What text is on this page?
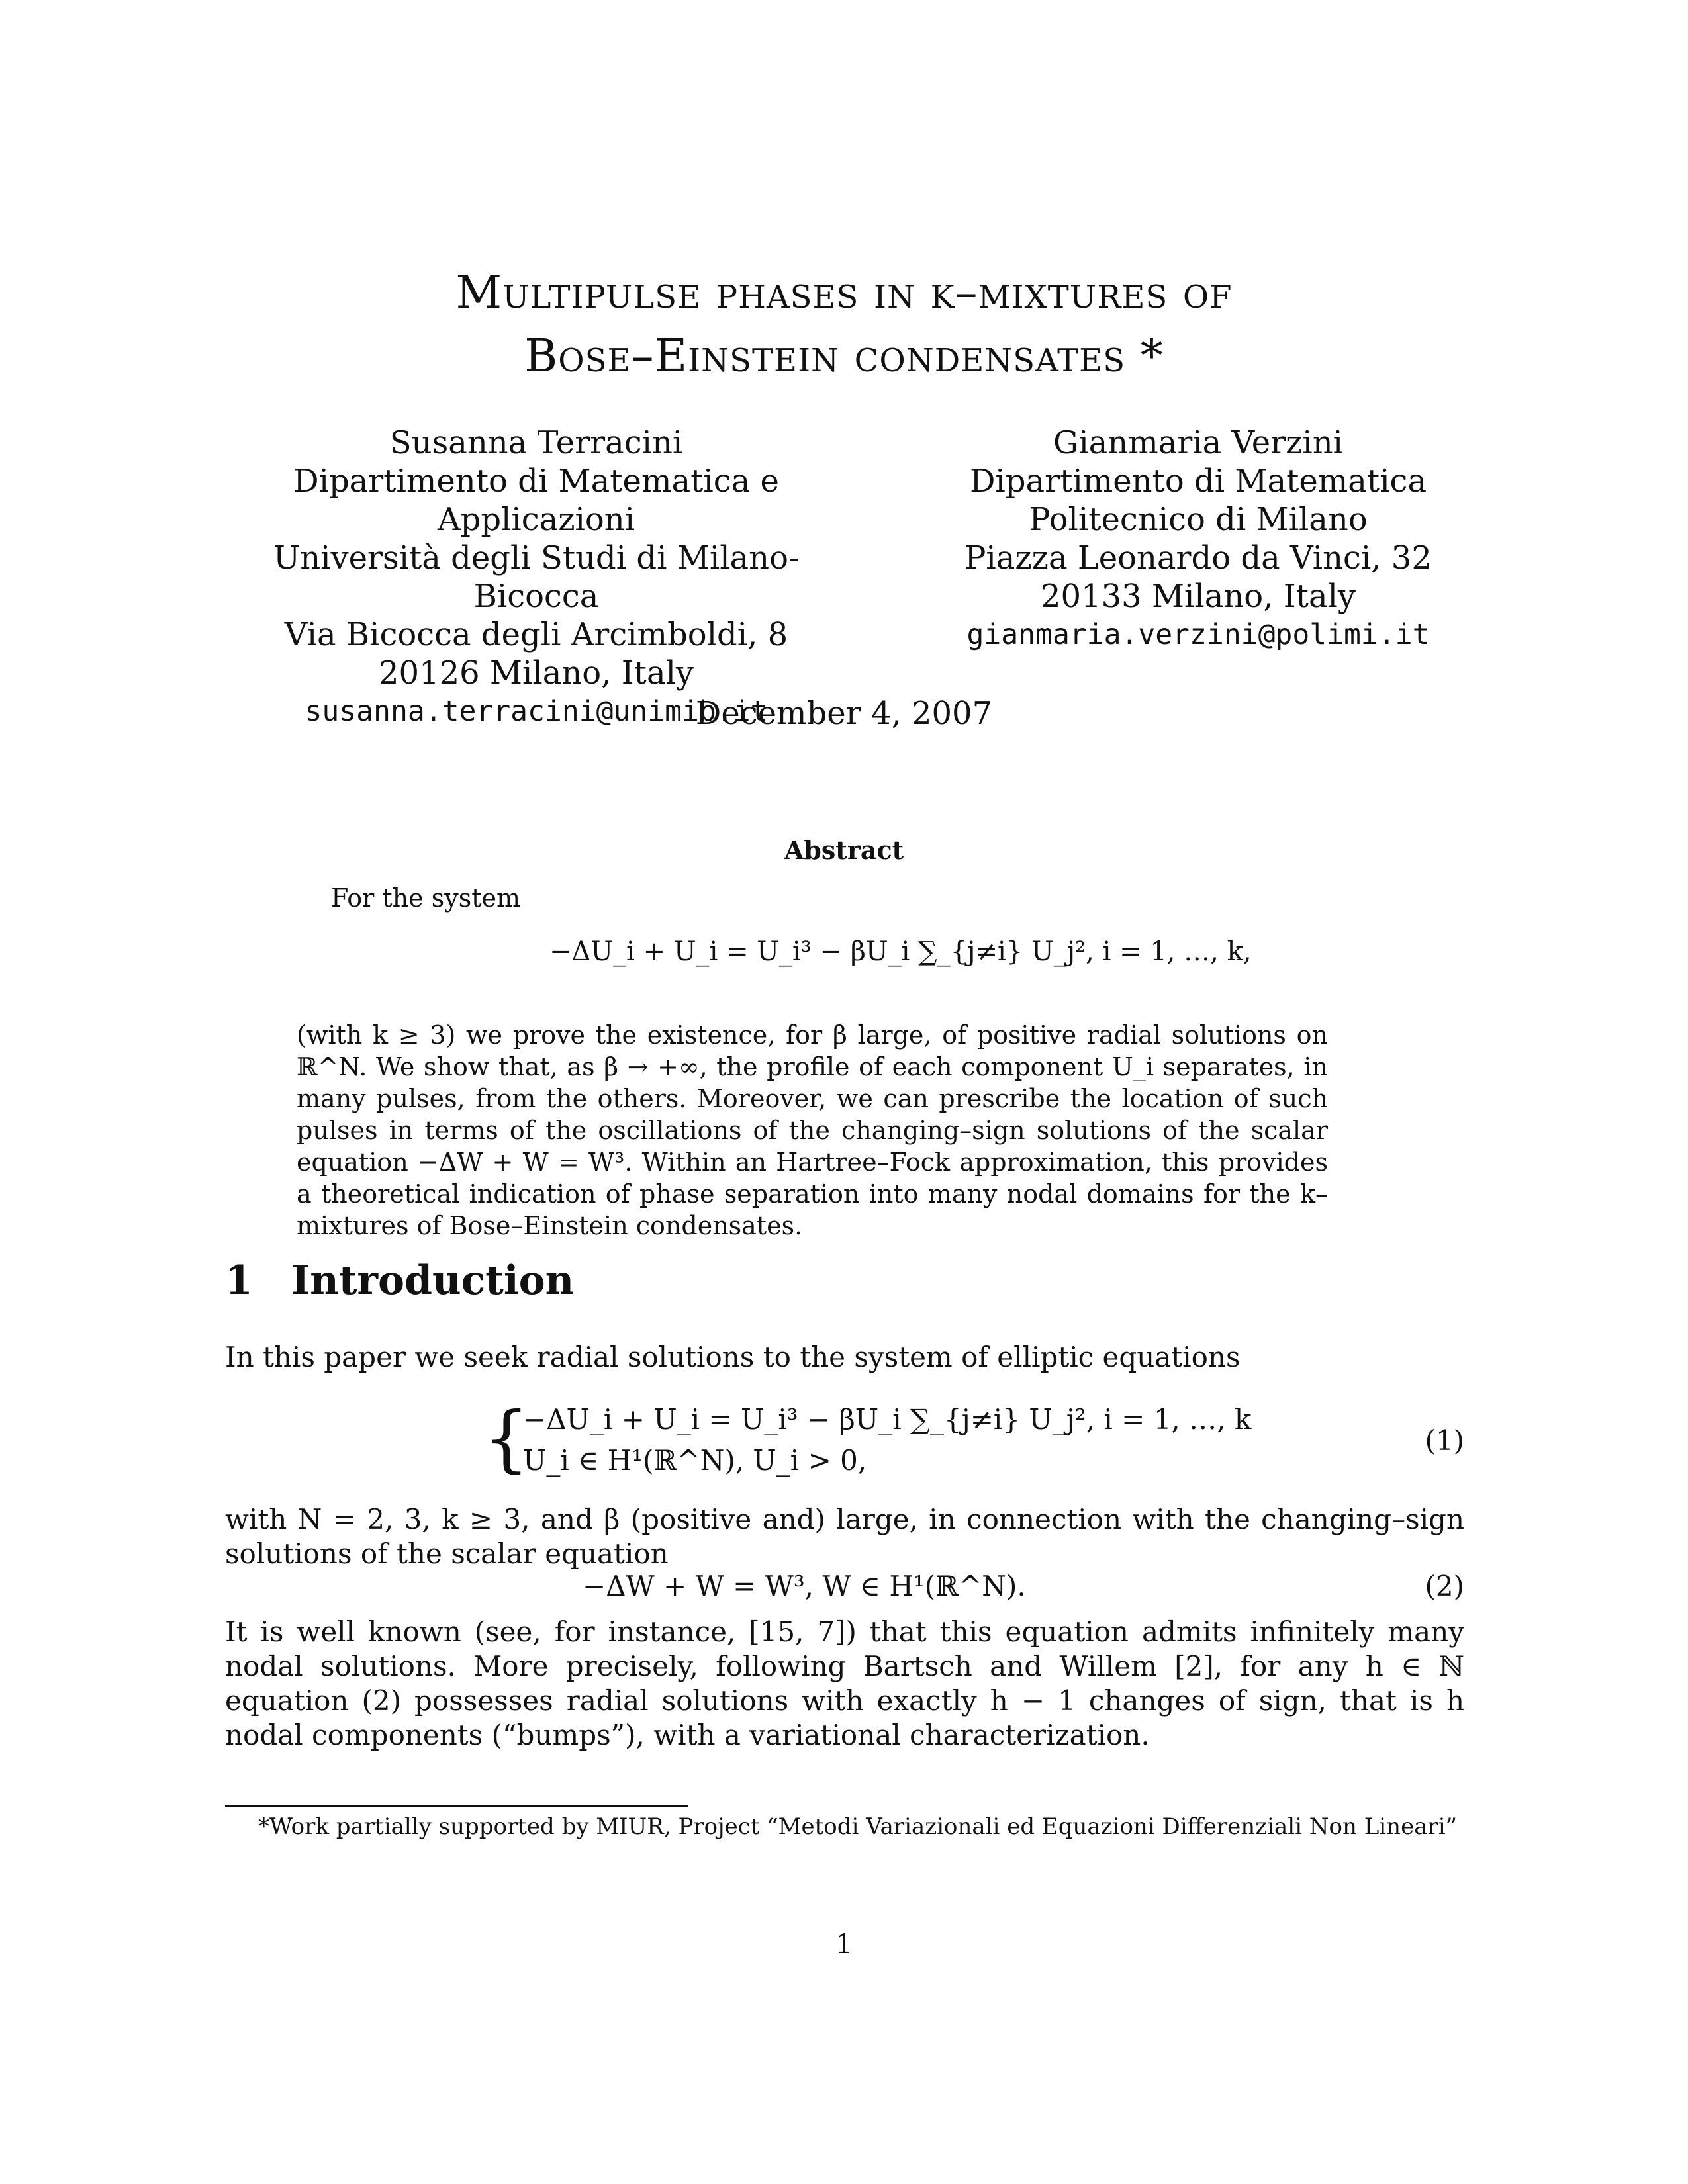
Multipulse phases in k–mixtures of
Bose–Einstein condensates *
Susanna Terracini
Dipartimento di Matematica e Applicazioni
Università degli Studi di Milano-Bicocca
Via Bicocca degli Arcimboldi, 8
20126 Milano, Italy
susanna.terracini@unimib.it
Gianmaria Verzini
Dipartimento di Matematica
Politecnico di Milano
Piazza Leonardo da Vinci, 32
20133 Milano, Italy
gianmaria.verzini@polimi.it
December 4, 2007
Abstract
For the system
−ΔU_i + U_i = U_i³ − βU_i ∑_{j≠i} U_j², i = 1, …, k,
(with k ≥ 3) we prove the existence, for β large, of positive radial solutions on ℝ^N. We show that, as β → +∞, the profile of each component U_i separates, in many pulses, from the others. Moreover, we can prescribe the location of such pulses in terms of the oscillations of the changing–sign solutions of the scalar equation −ΔW + W = W³. Within an Hartree–Fock approximation, this provides a theoretical indication of phase separation into many nodal domains for the k–mixtures of Bose–Einstein condensates.
1 Introduction
In this paper we seek radial solutions to the system of elliptic equations
{
−ΔU_i + U_i = U_i³ − βU_i ∑_{j≠i} U_j², i = 1, …, k
U_i ∈ H¹(ℝ^N), U_i > 0,
(1)
with N = 2, 3, k ≥ 3, and β (positive and) large, in connection with the changing–sign solutions of the scalar equation
−ΔW + W = W³, W ∈ H¹(ℝ^N).	(2)
It is well known (see, for instance, [15, 7]) that this equation admits infinitely many nodal solutions. More precisely, following Bartsch and Willem [2], for any h ∈ ℕ equation (2) possesses radial solutions with exactly h − 1 changes of sign, that is h nodal components (“bumps”), with a variational characterization.
*Work partially supported by MIUR, Project “Metodi Variazionali ed Equazioni Differenziali Non Lineari”
1
